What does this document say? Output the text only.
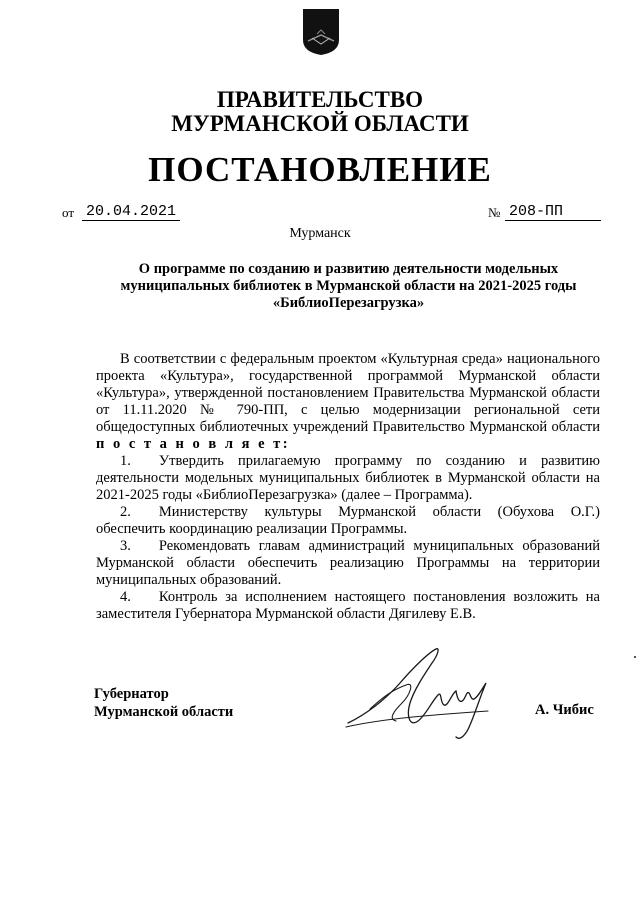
ПРАВИТЕЛЬСТВО
МУРМАНСКОЙ ОБЛАСТИ
ПОСТАНОВЛЕНИЕ
от 20.04.2021	№ 208-ПП
Мурманск
О программе по созданию и развитию деятельности модельных
муниципальных библиотек в Мурманской области на 2021-2025 годы
«БиблиоПерезагрузка»

В соответствии с федеральным проектом «Культурная среда» национального проекта «Культура», государственной программой Мурманской области «Культура», утвержденной постановлением Правительства Мурманской области от 11.11.2020 № 790-ПП, с целью модернизации региональной сети общедоступных библиотечных учреждений Правительство Мурманской области п о с т а н о в л я е т:

1. Утвердить прилагаемую программу по созданию и развитию деятельности модельных муниципальных библиотек в Мурманской области на 2021-2025 годы «БиблиоПерезагрузка» (далее – Программа).

2. Министерству культуры Мурманской области (Обухова О.Г.) обеспечить координацию реализации Программы.

3. Рекомендовать главам администраций муниципальных образований Мурманской области обеспечить реализацию Программы на территории муниципальных образований.

4. Контроль за исполнением настоящего постановления возложить на заместителя Губернатора Мурманской области Дягилеву Е.В.

Губернатор
Мурманской области	А. Чибис
